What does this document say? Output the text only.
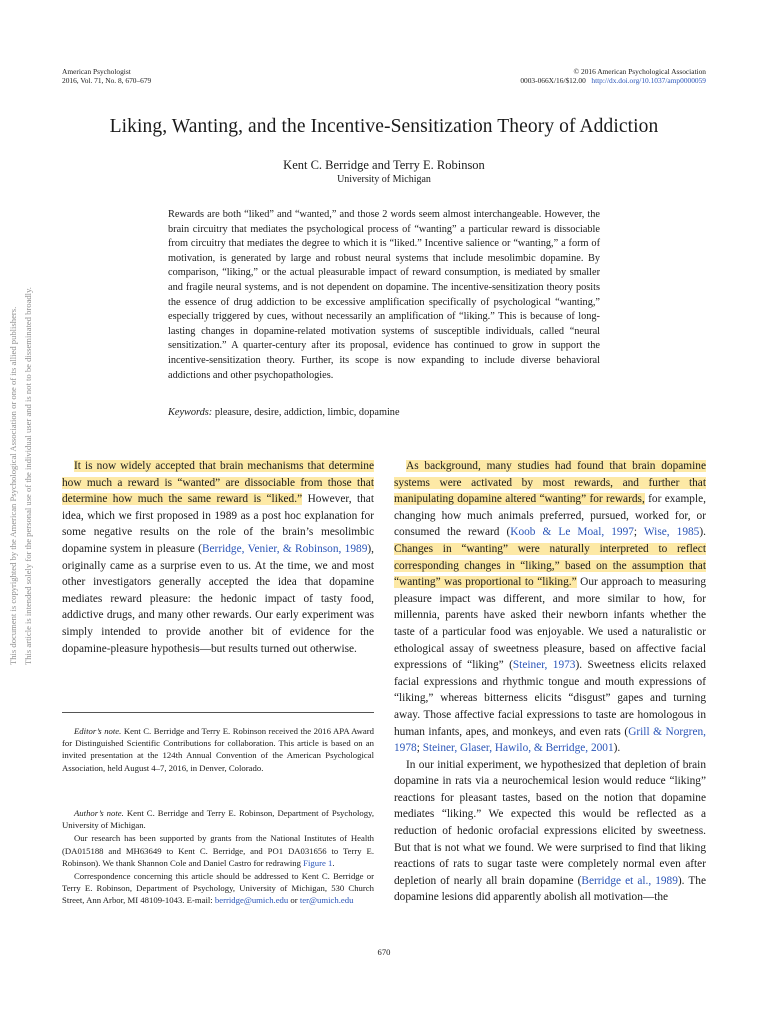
American Psychologist
2016, Vol. 71, No. 8, 670–679
© 2016 American Psychological Association
0003-066X/16/$12.00 http://dx.doi.org/10.1037/amp0000059
Liking, Wanting, and the Incentive-Sensitization Theory of Addiction
Kent C. Berridge and Terry E. Robinson
University of Michigan
Rewards are both “liked” and “wanted,” and those 2 words seem almost interchangeable. However, the brain circuitry that mediates the psychological process of “wanting” a particular reward is dissociable from circuitry that mediates the degree to which it is “liked.” Incentive salience or “wanting,” a form of motivation, is generated by large and robust neural systems that include mesolimbic dopamine. By comparison, “liking,” or the actual pleasurable impact of reward consumption, is mediated by smaller and fragile neural systems, and is not dependent on dopamine. The incentive-sensitization theory posits the essence of drug addiction to be excessive amplification specifically of psychological “wanting,” especially triggered by cues, without necessarily an amplification of “liking.” This is because of long-lasting changes in dopamine-related motivation systems of susceptible individuals, called “neural sensitization.” A quarter-century after its proposal, evidence has continued to grow in support the incentive-sensitization theory. Further, its scope is now expanding to include diverse behavioral addictions and other psychopathologies.
Keywords: pleasure, desire, addiction, limbic, dopamine

It is now widely accepted that brain mechanisms that determine how much a reward is “wanted” are dissociable from those that determine how much the same reward is “liked.” However, that idea, which we first proposed in 1989 as a post hoc explanation for some negative results on the role of the brain’s mesolimbic dopamine system in pleasure (Berridge, Venier, & Robinson, 1989), originally came as a surprise even to us. At the time, we and most other investigators generally accepted the idea that dopamine mediates reward pleasure: the hedonic impact of tasty food, addictive drugs, and many other rewards. Our early experiment was simply intended to provide another bit of evidence for the dopamine-pleasure hypothesis—but results turned out otherwise.

As background, many studies had found that brain dopamine systems were activated by most rewards, and further that manipulating dopamine altered “wanting” for rewards, for example, changing how much animals preferred, pursued, worked for, or consumed the reward (Koob & Le Moal, 1997; Wise, 1985). Changes in “wanting” were naturally interpreted to reflect corresponding changes in “liking,” based on the assumption that “wanting” was proportional to “liking.” Our approach to measuring pleasure impact was different, and more similar to how, for millennia, parents have asked their newborn infants whether the taste of a particular food was enjoyable. We used a naturalistic or ethological assay of sweetness pleasure, based on affective facial expressions of “liking” (Steiner, 1973). Sweetness elicits relaxed facial expressions and rhythmic tongue and mouth expressions of “liking,” whereas bitterness elicits “disgust” gapes and turning away. Those affective facial expressions to taste are homologous in human infants, apes, and monkeys, and even rats (Grill & Norgren, 1978; Steiner, Glaser, Hawilo, & Berridge, 2001).

In our initial experiment, we hypothesized that depletion of brain dopamine in rats via a neurochemical lesion would reduce “liking” reactions for pleasant tastes, based on the notion that dopamine mediates “liking.” We expected this would be reflected as a reduction of hedonic orofacial expressions elicited by sweetness. But that is not what we found. We were surprised to find that liking reactions of rats to sugar taste were completely normal even after depletion of nearly all brain dopamine (Berridge et al., 1989). The dopamine lesions did apparently abolish all motivation—the

Editor’s note. Kent C. Berridge and Terry E. Robinson received the 2016 APA Award for Distinguished Scientific Contributions for collaboration. This article is based on an invited presentation at the 124th Annual Convention of the American Psychological Association, held August 4–7, 2016, in Denver, Colorado.

Author’s note. Kent C. Berridge and Terry E. Robinson, Department of Psychology, University of Michigan.

Our research has been supported by grants from the National Institutes of Health (DA015188 and MH63649 to Kent C. Berridge, and PO1 DA031656 to Terry E. Robinson). We thank Shannon Cole and Daniel Castro for redrawing Figure 1.

Correspondence concerning this article should be addressed to Kent C. Berridge or Terry E. Robinson, Department of Psychology, University of Michigan, 530 Church Street, Ann Arbor, MI 48109-1043. E-mail: berridge@umich.edu or ter@umich.edu

670
This document is copyrighted by the American Psychological Association or one of its allied publishers. This article is intended solely for the personal use of the individual user and is not to be disseminated broadly.
